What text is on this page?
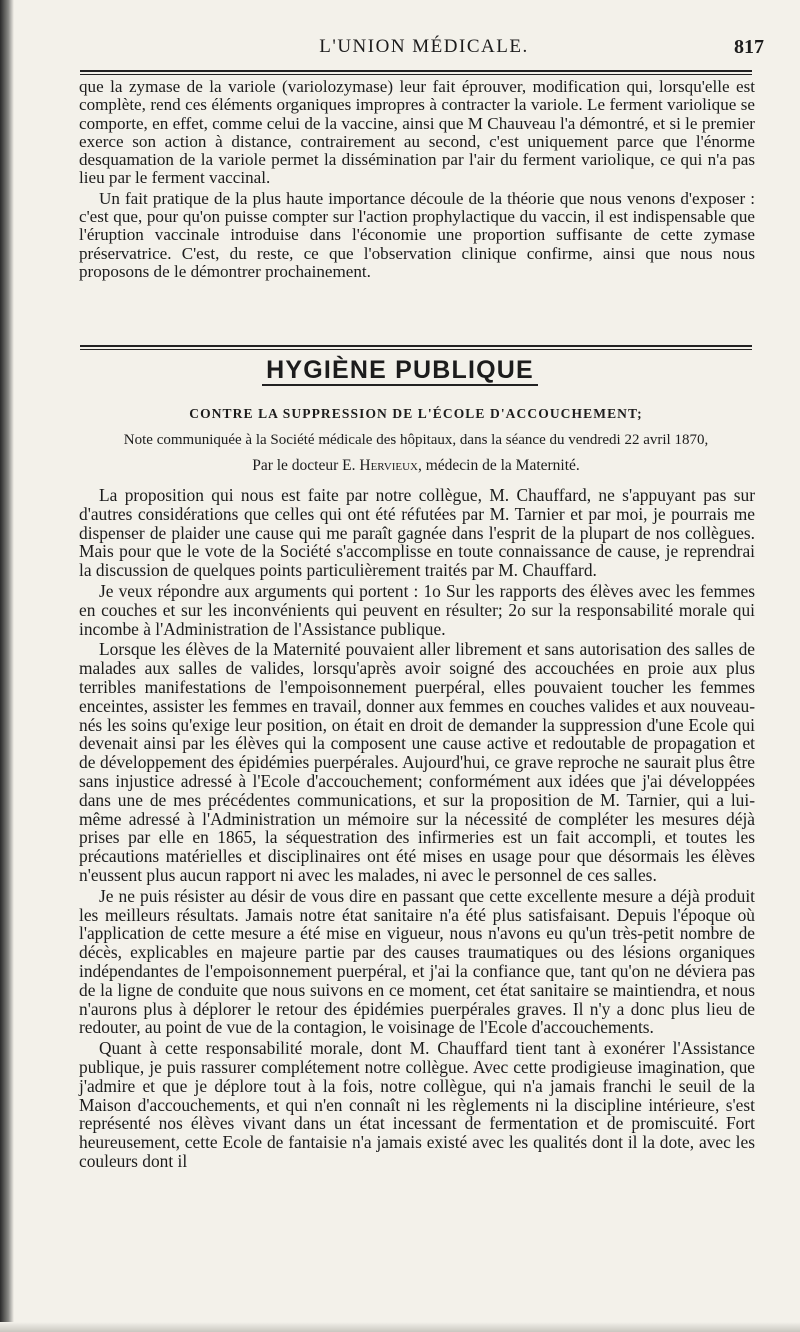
L'UNION MÉDICALE.	817

que la zymase de la variole (variolozymase) leur fait éprouver, modification qui, lorsqu'elle est complète, rend ces éléments organiques impropres à contracter la variole. Le ferment variolique se comporte, en effet, comme celui de la vaccine, ainsi que M Chauveau l'a démontré, et si le premier exerce son action à distance, contrairement au second, c'est uniquement parce que l'énorme desquamation de la variole permet la dissémination par l'air du ferment variolique, ce qui n'a pas lieu par le ferment vaccinal.

Un fait pratique de la plus haute importance découle de la théorie que nous venons d'exposer : c'est que, pour qu'on puisse compter sur l'action prophylactique du vaccin, il est indispensable que l'éruption vaccinale introduise dans l'économie une proportion suffisante de cette zymase préservatrice. C'est, du reste, ce que l'observation clinique confirme, ainsi que nous nous proposons de le démontrer prochainement.

HYGIÈNE PUBLIQUE
CONTRE LA SUPPRESSION DE L'ÉCOLE D'ACCOUCHEMENT;
Note communiquée à la Société médicale des hôpitaux, dans la séance du vendredi 22 avril 1870,
Par le docteur E. Hervieux, médecin de la Maternité.

La proposition qui nous est faite par notre collègue, M. Chauffard, ne s'appuyant pas sur d'autres considérations que celles qui ont été réfutées par M. Tarnier et par moi, je pourrais me dispenser de plaider une cause qui me paraît gagnée dans l'esprit de la plupart de nos collègues. Mais pour que le vote de la Société s'accomplisse en toute connaissance de cause, je reprendrai la discussion de quelques points particulièrement traités par M. Chauffard.

Je veux répondre aux arguments qui portent : 1o Sur les rapports des élèves avec les femmes en couches et sur les inconvénients qui peuvent en résulter; 2o sur la responsabilité morale qui incombe à l'Administration de l'Assistance publique.

Lorsque les élèves de la Maternité pouvaient aller librement et sans autorisation des salles de malades aux salles de valides, lorsqu'après avoir soigné des accouchées en proie aux plus terribles manifestations de l'empoisonnement puerpéral, elles pouvaient toucher les femmes enceintes, assister les femmes en travail, donner aux femmes en couches valides et aux nouveau-nés les soins qu'exige leur position, on était en droit de demander la suppression d'une Ecole qui devenait ainsi par les élèves qui la composent une cause active et redoutable de propagation et de développement des épidémies puerpérales. Aujourd'hui, ce grave reproche ne saurait plus être sans injustice adressé à l'Ecole d'accouchement; conformément aux idées que j'ai développées dans une de mes précédentes communications, et sur la proposition de M. Tarnier, qui a lui-même adressé à l'Administration un mémoire sur la nécessité de compléter les mesures déjà prises par elle en 1865, la séquestration des infirmeries est un fait accompli, et toutes les précautions matérielles et disciplinaires ont été mises en usage pour que désormais les élèves n'eussent plus aucun rapport ni avec les malades, ni avec le personnel de ces salles.

Je ne puis résister au désir de vous dire en passant que cette excellente mesure a déjà produit les meilleurs résultats. Jamais notre état sanitaire n'a été plus satisfaisant. Depuis l'époque où l'application de cette mesure a été mise en vigueur, nous n'avons eu qu'un très-petit nombre de décès, explicables en majeure partie par des causes traumatiques ou des lésions organiques indépendantes de l'empoisonnement puerpéral, et j'ai la confiance que, tant qu'on ne déviera pas de la ligne de conduite que nous suivons en ce moment, cet état sanitaire se maintiendra, et nous n'aurons plus à déplorer le retour des épidémies puerpérales graves. Il n'y a donc plus lieu de redouter, au point de vue de la contagion, le voisinage de l'Ecole d'accouchements.

Quant à cette responsabilité morale, dont M. Chauffard tient tant à exonérer l'Assistance publique, je puis rassurer complétement notre collègue. Avec cette prodigieuse imagination, que j'admire et que je déplore tout à la fois, notre collègue, qui n'a jamais franchi le seuil de la Maison d'accouchements, et qui n'en connaît ni les règlements ni la discipline intérieure, s'est représenté nos élèves vivant dans un état incessant de fermentation et de promiscuité. Fort heureusement, cette Ecole de fantaisie n'a jamais existé avec les qualités dont il la dote, avec les couleurs dont il
